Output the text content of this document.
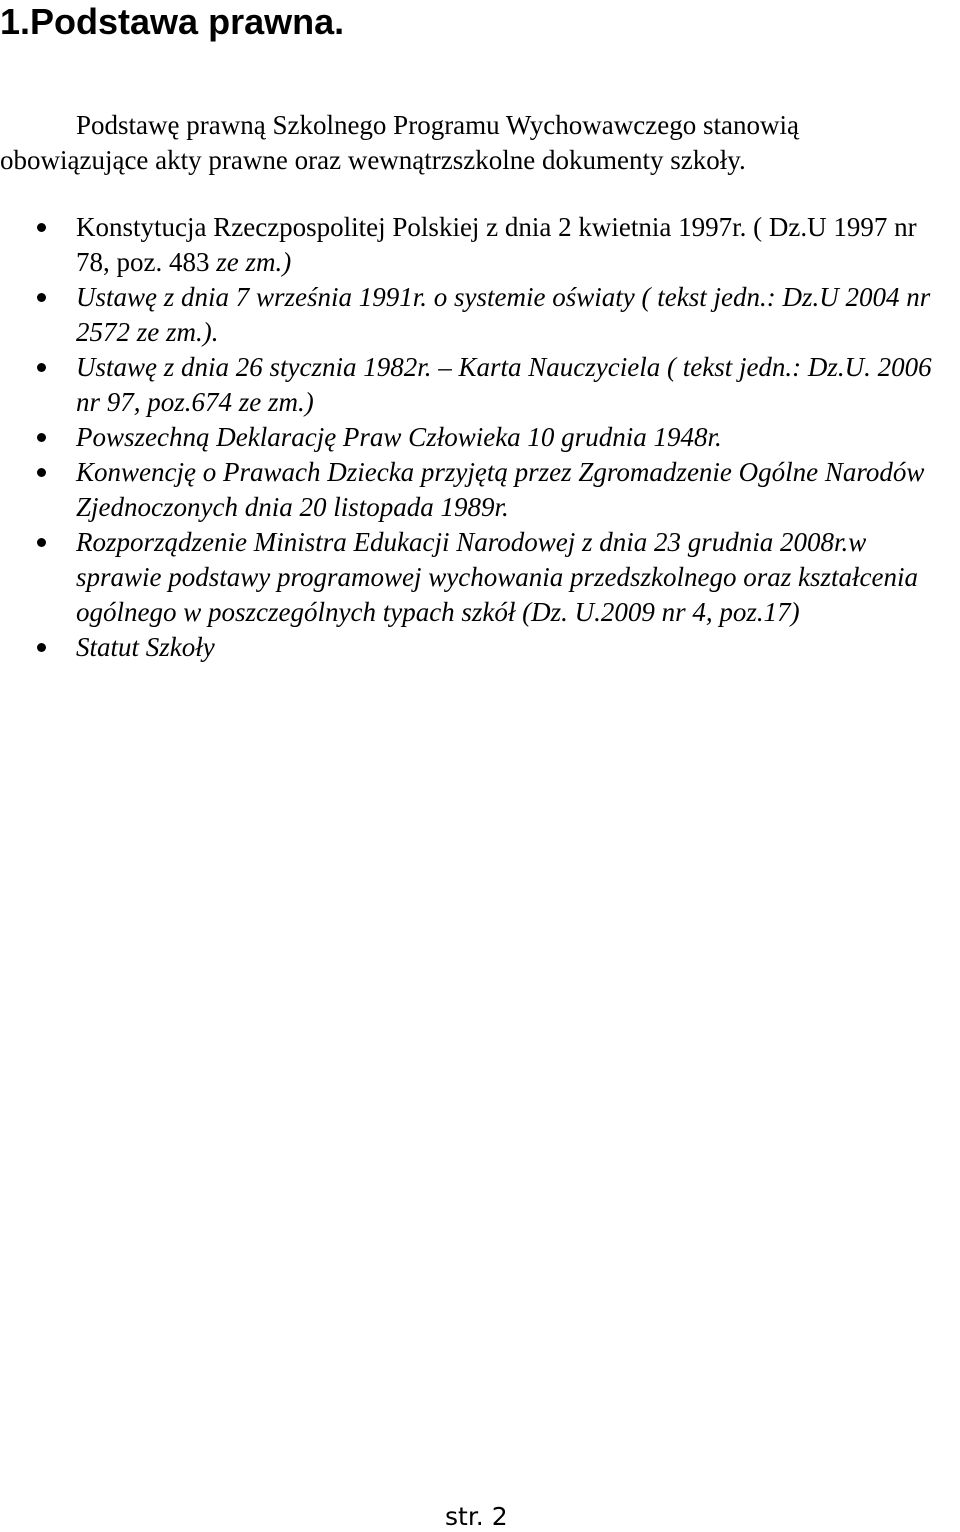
1.Podstawa prawna.

Podstawę prawną Szkolnego Programu Wychowawczego stanowią
obowiązujące akty prawne oraz wewnątrzszkolne dokumenty szkoły.

Konstytucja Rzeczpospolitej Polskiej z dnia 2 kwietnia 1997r. ( Dz.U 1997 nr 78, poz. 483 ze zm.)
Ustawę z dnia 7 września 1991r. o systemie oświaty ( tekst jedn.: Dz.U 2004 nr 2572 ze zm.).
Ustawę z dnia 26 stycznia 1982r. – Karta Nauczyciela ( tekst jedn.: Dz.U. 2006 nr 97, poz.674 ze zm.)
Powszechną Deklarację Praw Człowieka 10 grudnia 1948r.
Konwencję o Prawach Dziecka przyjętą przez Zgromadzenie Ogólne Narodów Zjednoczonych dnia 20 listopada 1989r.
Rozporządzenie Ministra Edukacji Narodowej z dnia 23 grudnia 2008r.w sprawie podstawy programowej wychowania przedszkolnego oraz kształcenia ogólnego w poszczególnych typach szkół (Dz. U.2009 nr 4, poz.17)
Statut Szkoły
str. 2
